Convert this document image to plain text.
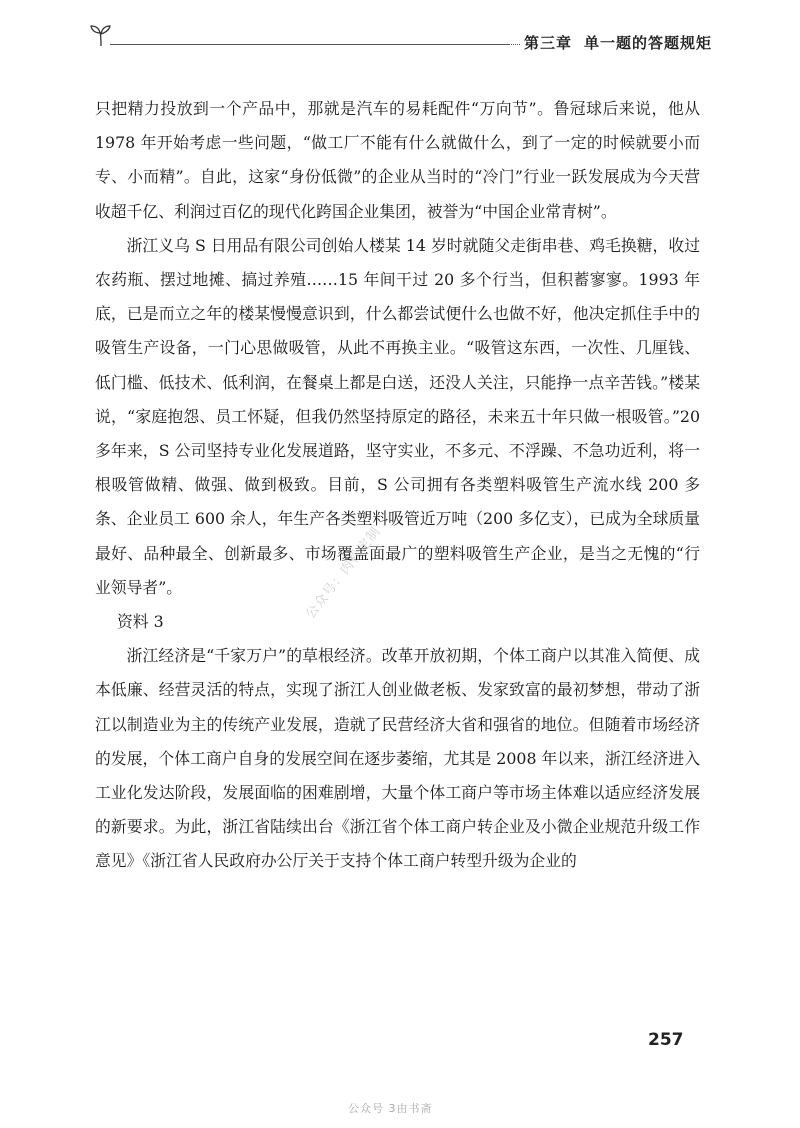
第三章 单一题的答题规矩

只把精力投放到一个产品中，那就是汽车的易耗配件“万向节”。鲁冠球后来说，他从 1978 年开始考虑一些问题，“做工厂不能有什么就做什么，到了一定的时候就要小而专、小而精”。自此，这家“身份低微”的企业从当时的“冷门”行业一跃发展成为今天营收超千亿、利润过百亿的现代化跨国企业集团，被誉为“中国企业常青树”。

浙江义乌 S 日用品有限公司创始人楼某 14 岁时就随父走街串巷、鸡毛换糖，收过农药瓶、摆过地摊、搞过养殖……15 年间干过 20 多个行当，但积蓄寥寥。1993 年底，已是而立之年的楼某慢慢意识到，什么都尝试便什么也做不好，他决定抓住手中的吸管生产设备，一门心思做吸管，从此不再换主业。“吸管这东西，一次性、几厘钱、低门槛、低技术、低利润，在餐桌上都是白送，还没人关注，只能挣一点辛苦钱。”楼某说，“家庭抱怨、员工怀疑，但我仍然坚持原定的路径，未来五十年只做一根吸管。”20 多年来，S 公司坚持专业化发展道路，坚守实业，不多元、不浮躁、不急功近利，将一根吸管做精、做强、做到极致。目前，S 公司拥有各类塑料吸管生产流水线 200 多条、企业员工 600 余人，年生产各类塑料吸管近万吨（200 多亿支），已成为全球质量最好、品种最全、创新最多、市场覆盖面最广的塑料吸管生产企业，是当之无愧的“行业领导者”。

资料 3

浙江经济是“千家万户”的草根经济。改革开放初期，个体工商户以其准入简便、成本低廉、经营灵活的特点，实现了浙江人创业做老板、发家致富的最初梦想，带动了浙江以制造业为主的传统产业发展，造就了民营经济大省和强省的地位。但随着市场经济的发展，个体工商户自身的发展空间在逐步萎缩，尤其是 2008 年以来，浙江经济进入工业化发达阶段，发展面临的困难剧增，大量个体工商户等市场主体难以适应经济发展的新要求。为此，浙江省陆续出台《浙江省个体工商户转企业及小微企业规范升级工作意见》《浙江省人民政府办公厅关于支持个体工商户转型升级为企业的

公众号：肉松定制
257
公众号 3由书斋
